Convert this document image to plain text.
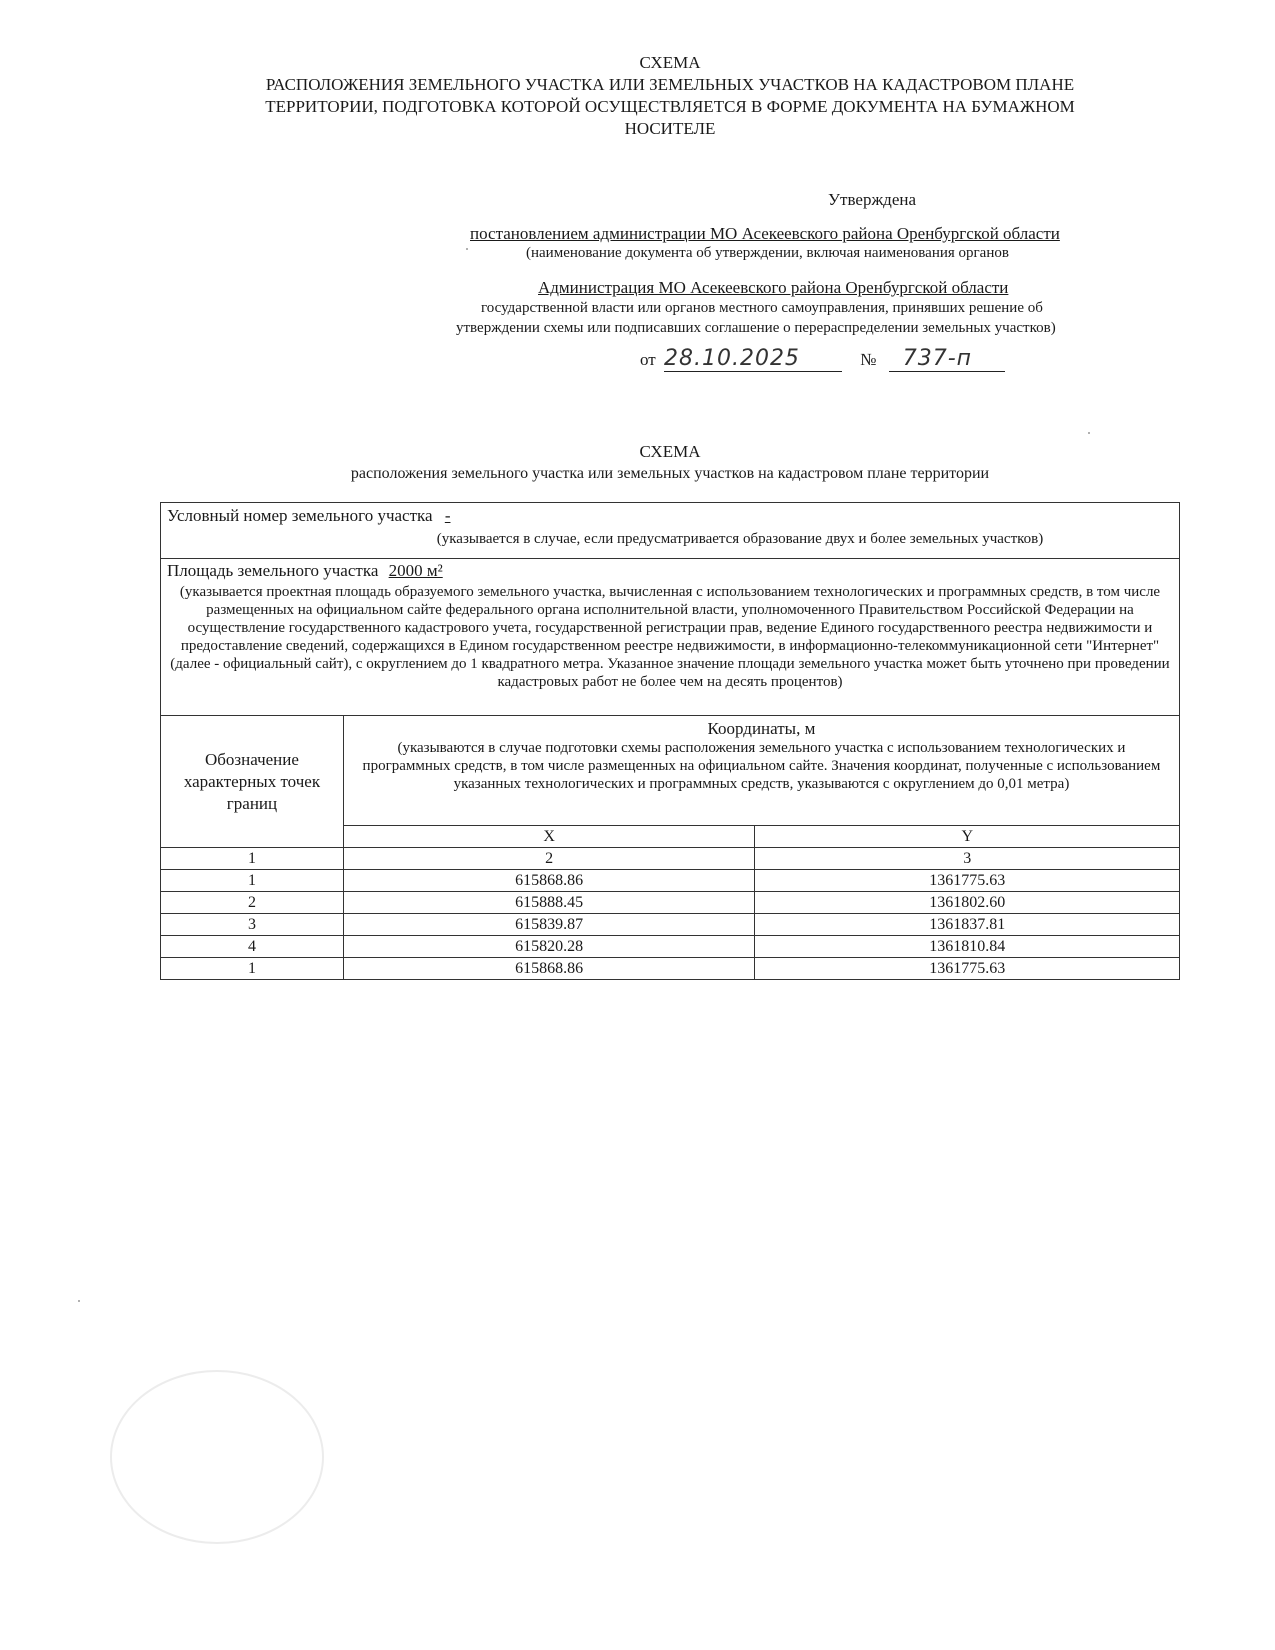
СХЕМА
РАСПОЛОЖЕНИЯ ЗЕМЕЛЬНОГО УЧАСТКА ИЛИ ЗЕМЕЛЬНЫХ УЧАСТКОВ НА КАДАСТРОВОМ ПЛАНЕ
ТЕРРИТОРИИ, ПОДГОТОВКА КОТОРОЙ ОСУЩЕСТВЛЯЕТСЯ В ФОРМЕ ДОКУМЕНТА НА БУМАЖНОМ
НОСИТЕЛЕ
Утверждена
постановлением администрации МО Асекеевского района Оренбургской области
(наименование документа об утверждении, включая наименования органов
Администрация МО Асекеевского района Оренбургской области
государственной власти или органов местного самоуправления, принявших решение об
утверждении схемы или подписавших соглашение о перераспределении земельных участков)
от 28.10.2025	№ 737-п
СХЕМА
расположения земельного участка или земельных участков на кадастровом плане территории
Условный номер земельного участка -
(указывается в случае, если предусматривается образование двух и более земельных участков)		

Площадь земельного участка 2000 м²
(указывается проектная площадь образуемого земельного участка, вычисленная с использованием технологических и программных средств, в том числе размещенных на официальном сайте федерального органа исполнительной власти, уполномоченного Правительством Российской Федерации на осуществление государственного кадастрового учета, государственной регистрации прав, ведение Единого государственного реестра недвижимости и предоставление сведений, содержащихся в Едином государственном реестре недвижимости, в информационно-телекоммуникационной сети "Интернет" (далее - официальный сайт), с округлением до 1 квадратного метра. Указанное значение площади земельного участка может быть уточнено при проведении кадастровых работ не более чем на десять процентов)		

Обозначение характерных точек границ	Координаты, м
(указываются в случае подготовки схемы расположения земельного участка с использованием технологических и программных средств, в том числе размещенных на официальном сайте. Значения координат, полученные с использованием указанных технологических и программных средств, указываются с округлением до 0,01 метра)	

	X	Y
1	2	3
1	615868.86	1361775.63
2	615888.45	1361802.60
3	615839.87	1361837.81
4	615820.28	1361810.84
1	615868.86	1361775.63
